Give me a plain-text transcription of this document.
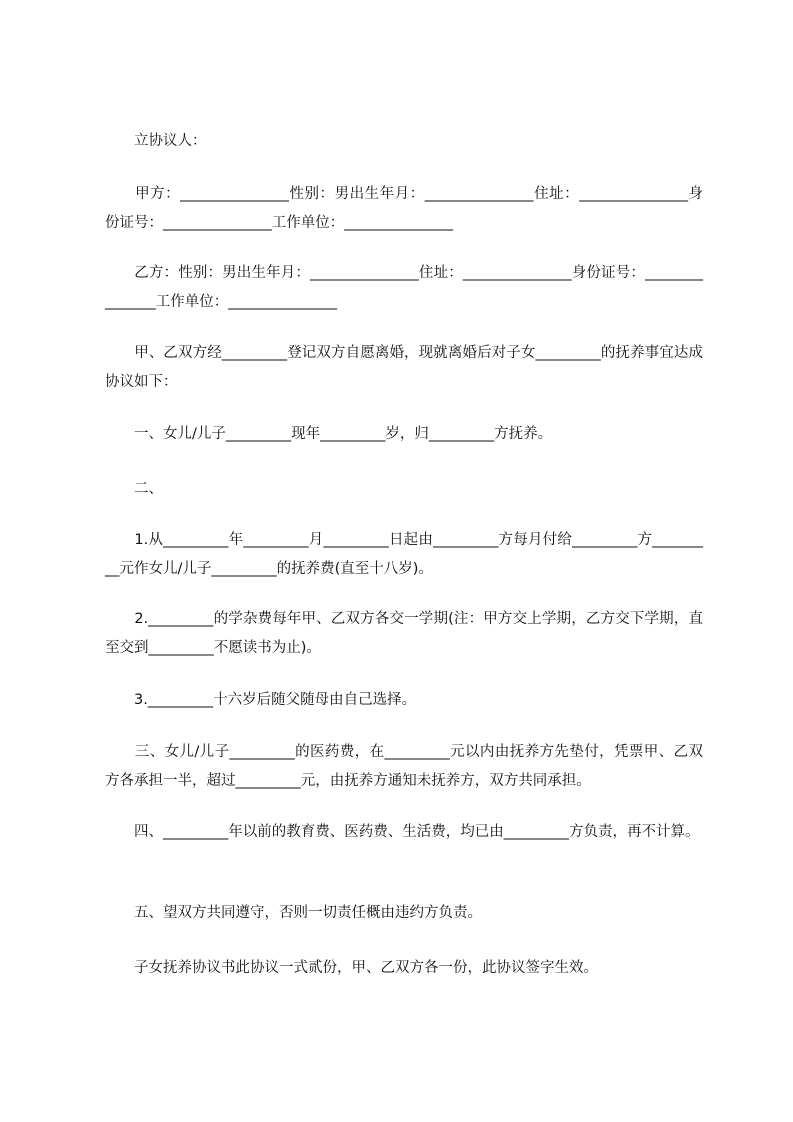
　　立协议人：

　　甲方：_______________性别：男出生年月：_______________住址：_______________身份证号：_______________工作单位：_______________

　　乙方：性别：男出生年月：_______________住址：_______________身份证号：_______________工作单位：_______________

　　甲、乙双方经_________登记双方自愿离婚，现就离婚后对子女_________的抚养事宜达成协议如下：

　　一、女儿/儿子_________现年_________岁，归_________方抚养。

　　二、

　　1.从_________年_________月_________日起由_________方每月付给_________方_________元作女儿/儿子_________的抚养费(直至十八岁)。

　　2._________的学杂费每年甲、乙双方各交一学期(注：甲方交上学期，乙方交下学期，直至交到_________不愿读书为止)。

　　3._________十六岁后随父随母由自己选择。

　　三、女儿/儿子_________的医药费，在_________元以内由抚养方先垫付，凭票甲、乙双方各承担一半，超过_________元，由抚养方通知未抚养方，双方共同承担。

　　四、_________年以前的教育费、医药费、生活费，均已由_________方负责，再不计算。

　　五、望双方共同遵守，否则一切责任概由违约方负责。

　　子女抚养协议书此协议一式贰份，甲、乙双方各一份，此协议签字生效。
